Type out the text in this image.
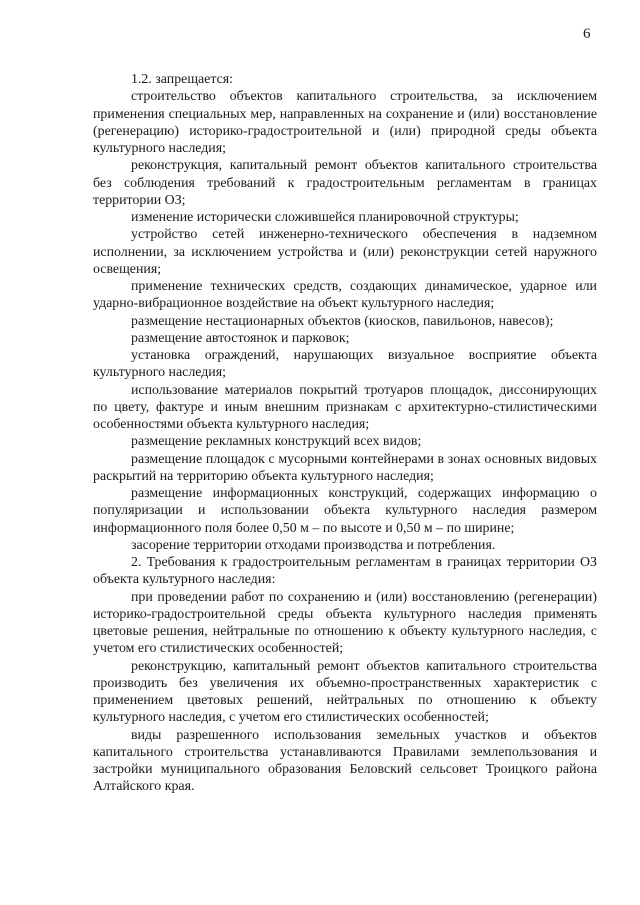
6

1.2. запрещается:

строительство объектов капитального строительства, за исключением применения специальных мер, направленных на сохранение и (или) восстановление (регенерацию) историко-градостроительной и (или) природной среды объекта культурного наследия;

реконструкция, капитальный ремонт объектов капитального строительства без соблюдения требований к градостроительным регламентам в границах территории ОЗ;

изменение исторически сложившейся планировочной структуры;

устройство сетей инженерно-технического обеспечения в надземном исполнении, за исключением устройства и (или) реконструкции сетей наружного освещения;

применение технических средств, создающих динамическое, ударное или ударно-вибрационное воздействие на объект культурного наследия;

размещение нестационарных объектов (киосков, павильонов, навесов);

размещение автостоянок и парковок;

установка ограждений, нарушающих визуальное восприятие объекта культурного наследия;

использование материалов покрытий тротуаров площадок, диссонирующих по цвету, фактуре и иным внешним признакам с архитектурно-стилистическими особенностями объекта культурного наследия;

размещение рекламных конструкций всех видов;

размещение площадок с мусорными контейнерами в зонах основных видовых раскрытий на территорию объекта культурного наследия;

размещение информационных конструкций, содержащих информацию о популяризации и использовании объекта культурного наследия размером информационного поля более 0,50 м – по высоте и 0,50 м – по ширине;

засорение территории отходами производства и потребления.

2. Требования к градостроительным регламентам в границах территории ОЗ объекта культурного наследия:

при проведении работ по сохранению и (или) восстановлению (регенерации) историко-градостроительной среды объекта культурного наследия применять цветовые решения, нейтральные по отношению к объекту культурного наследия, с учетом его стилистических особенностей;

реконструкцию, капитальный ремонт объектов капитального строительства производить без увеличения их объемно-пространственных характеристик с применением цветовых решений, нейтральных по отношению к объекту культурного наследия, с учетом его стилистических особенностей;

виды разрешенного использования земельных участков и объектов капитального строительства устанавливаются Правилами землепользования и застройки муниципального образования Беловский сельсовет Троицкого района Алтайского края.
